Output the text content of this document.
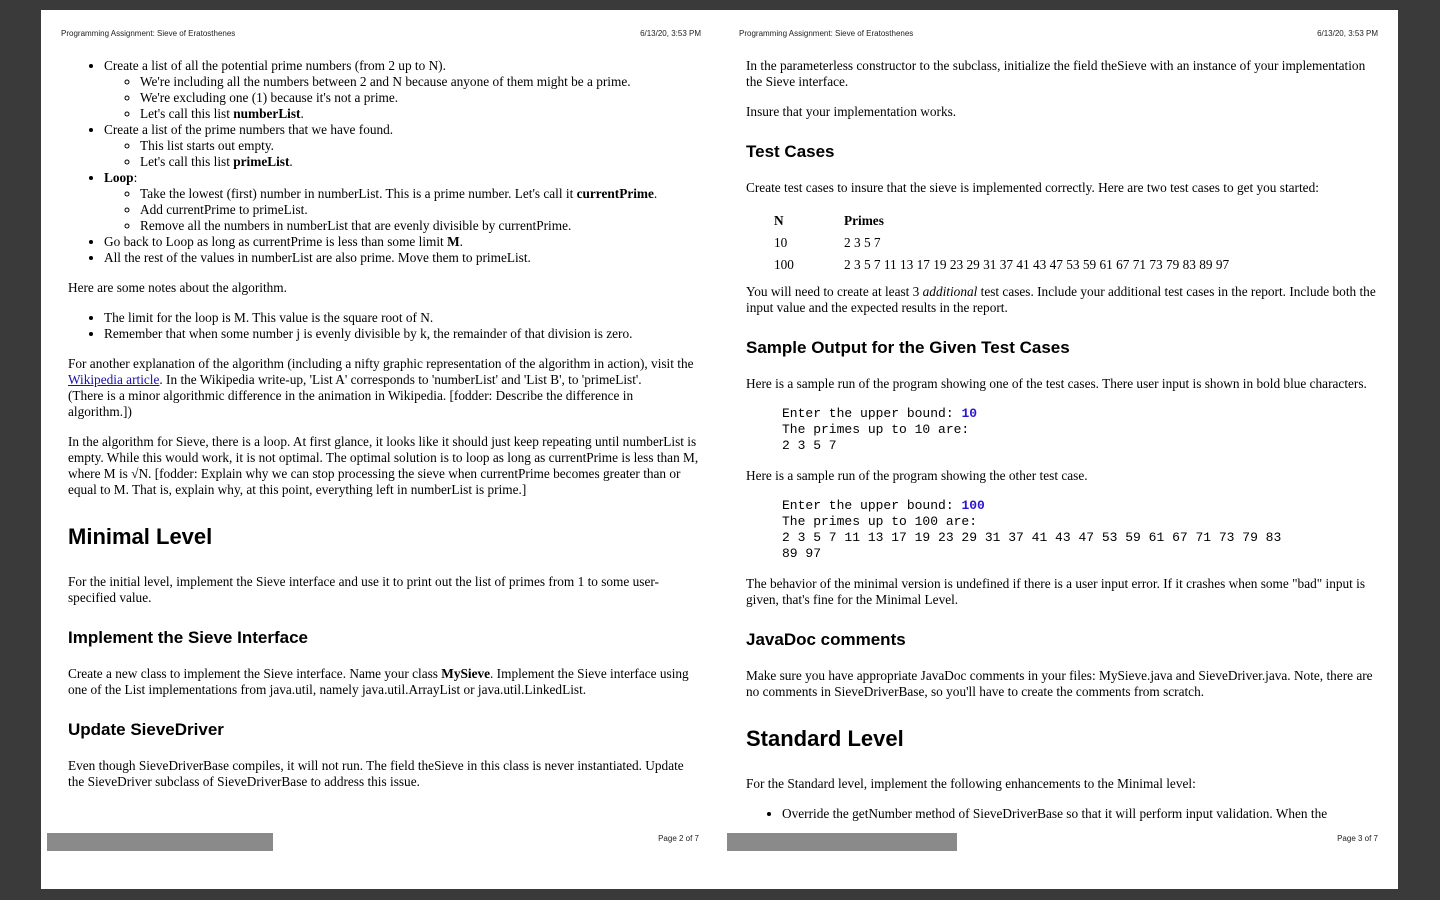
Programming Assignment: Sieve of Eratosthenes	6/13/20, 3:53 PM
• Create a list of all the potential prime numbers (from 2 up to N).
◦ We're including all the numbers between 2 and N because anyone of them might be a prime.
◦ We're excluding one (1) because it's not a prime.
◦ Let's call this list numberList.
• Create a list of the prime numbers that we have found.
◦ This list starts out empty.
◦ Let's call this list primeList.
• Loop:
◦ Take the lowest (first) number in numberList. This is a prime number. Let's call it currentPrime.
◦ Add currentPrime to primeList.
◦ Remove all the numbers in numberList that are evenly divisible by currentPrime.
• Go back to Loop as long as currentPrime is less than some limit M.
• All the rest of the values in numberList are also prime. Move them to primeList.

Here are some notes about the algorithm.

• The limit for the loop is M. This value is the square root of N.
• Remember that when some number j is evenly divisible by k, the remainder of that division is zero.

For another explanation of the algorithm (including a nifty graphic representation of the algorithm in action), visit the Wikipedia article. In the Wikipedia write-up, 'List A' corresponds to 'numberList' and 'List B', to 'primeList'.
(There is a minor algorithmic difference in the animation in Wikipedia. [fodder: Describe the difference in algorithm.])

In the algorithm for Sieve, there is a loop. At first glance, it looks like it should just keep repeating until numberList is empty. While this would work, it is not optimal. The optimal solution is to loop as long as currentPrime is less than M, where M is √N. [fodder: Explain why we can stop processing the sieve when currentPrime becomes greater than or equal to M. That is, explain why, at this point, everything left in numberList is prime.]

Minimal Level

For the initial level, implement the Sieve interface and use it to print out the list of primes from 1 to some user-specified value.

Implement the Sieve Interface

Create a new class to implement the Sieve interface. Name your class MySieve. Implement the Sieve interface using one of the List implementations from java.util, namely java.util.ArrayList or java.util.LinkedList.

Update SieveDriver

Even though SieveDriverBase compiles, it will not run. The field theSieve in this class is never instantiated. Update the SieveDriver subclass of SieveDriverBase to address this issue.

Page 2 of 7
Programming Assignment: Sieve of Eratosthenes	6/13/20, 3:53 PM

In the parameterless constructor to the subclass, initialize the field theSieve with an instance of your implementation the Sieve interface.

Insure that your implementation works.

Test Cases

Create test cases to insure that the sieve is implemented correctly. Here are two test cases to get you started:

N	Primes
10	2 3 5 7
100	2 3 5 7 11 13 17 19 23 29 31 37 41 43 47 53 59 61 67 71 73 79 83 89 97

You will need to create at least 3 additional test cases. Include your additional test cases in the report. Include both the input value and the expected results in the report.

Sample Output for the Given Test Cases

Here is a sample run of the program showing one of the test cases. There user input is shown in bold blue characters.

Enter the upper bound: 10
The primes up to 10 are:
2 3 5 7

Here is a sample run of the program showing the other test case.

Enter the upper bound: 100
The primes up to 100 are:
2 3 5 7 11 13 17 19 23 29 31 37 41 43 47 53 59 61 67 71 73 79 83
89 97

The behavior of the minimal version is undefined if there is a user input error. If it crashes when some "bad" input is given, that's fine for the Minimal Level.

JavaDoc comments

Make sure you have appropriate JavaDoc comments in your files: MySieve.java and SieveDriver.java. Note, there are no comments in SieveDriverBase, so you'll have to create the comments from scratch.

Standard Level

For the Standard level, implement the following enhancements to the Minimal level:

• Override the getNumber method of SieveDriverBase so that it will perform input validation. When the
Page 3 of 7
